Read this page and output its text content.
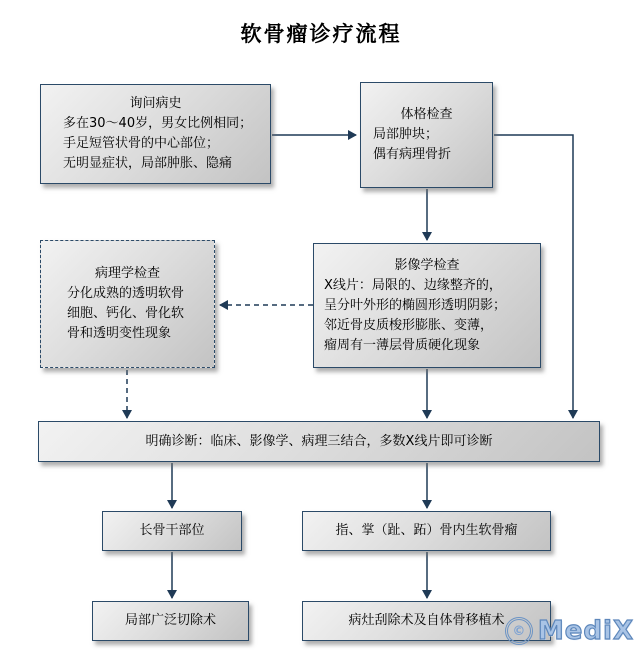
软骨瘤诊疗流程
询问病史
多在30～40岁，男女比例相同；
手足短管状骨的中心部位；
无明显症状，局部肿胀、隐痛
体格检查
局部肿块；
偶有病理骨折
病理学检查
分化成熟的透明软骨
细胞、钙化、骨化软
骨和透明变性现象
影像学检查
X线片：局限的、边缘整齐的，
呈分叶外形的椭圆形透明阴影；
邻近骨皮质梭形膨胀、变薄，
瘤周有一薄层骨质硬化现象
明确诊断：临床、影像学、病理三结合，多数X线片即可诊断
长骨干部位	指、掌（趾、跖）骨内生软骨瘤
局部广泛切除术	病灶刮除术及自体骨移植术
© MediX
